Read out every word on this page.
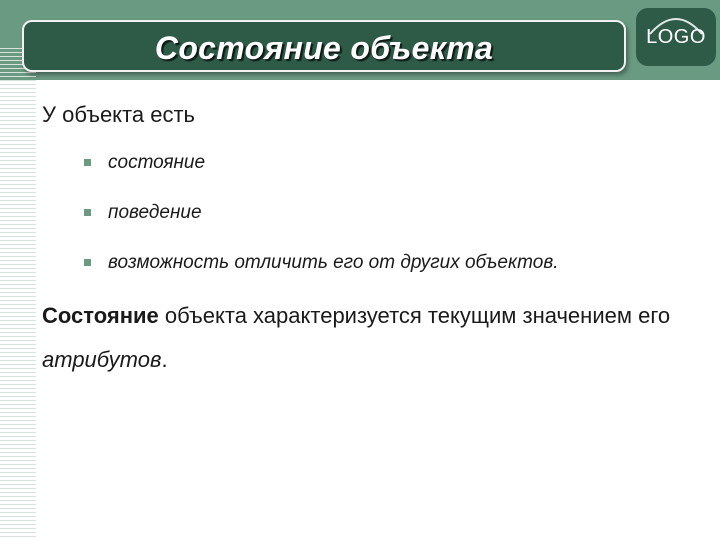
Состояние объекта	LOGO
У объекта есть
состояние
поведение
возможность отличить его от других объектов.
Состояние объекта характеризуется текущим значением его атрибутов.
